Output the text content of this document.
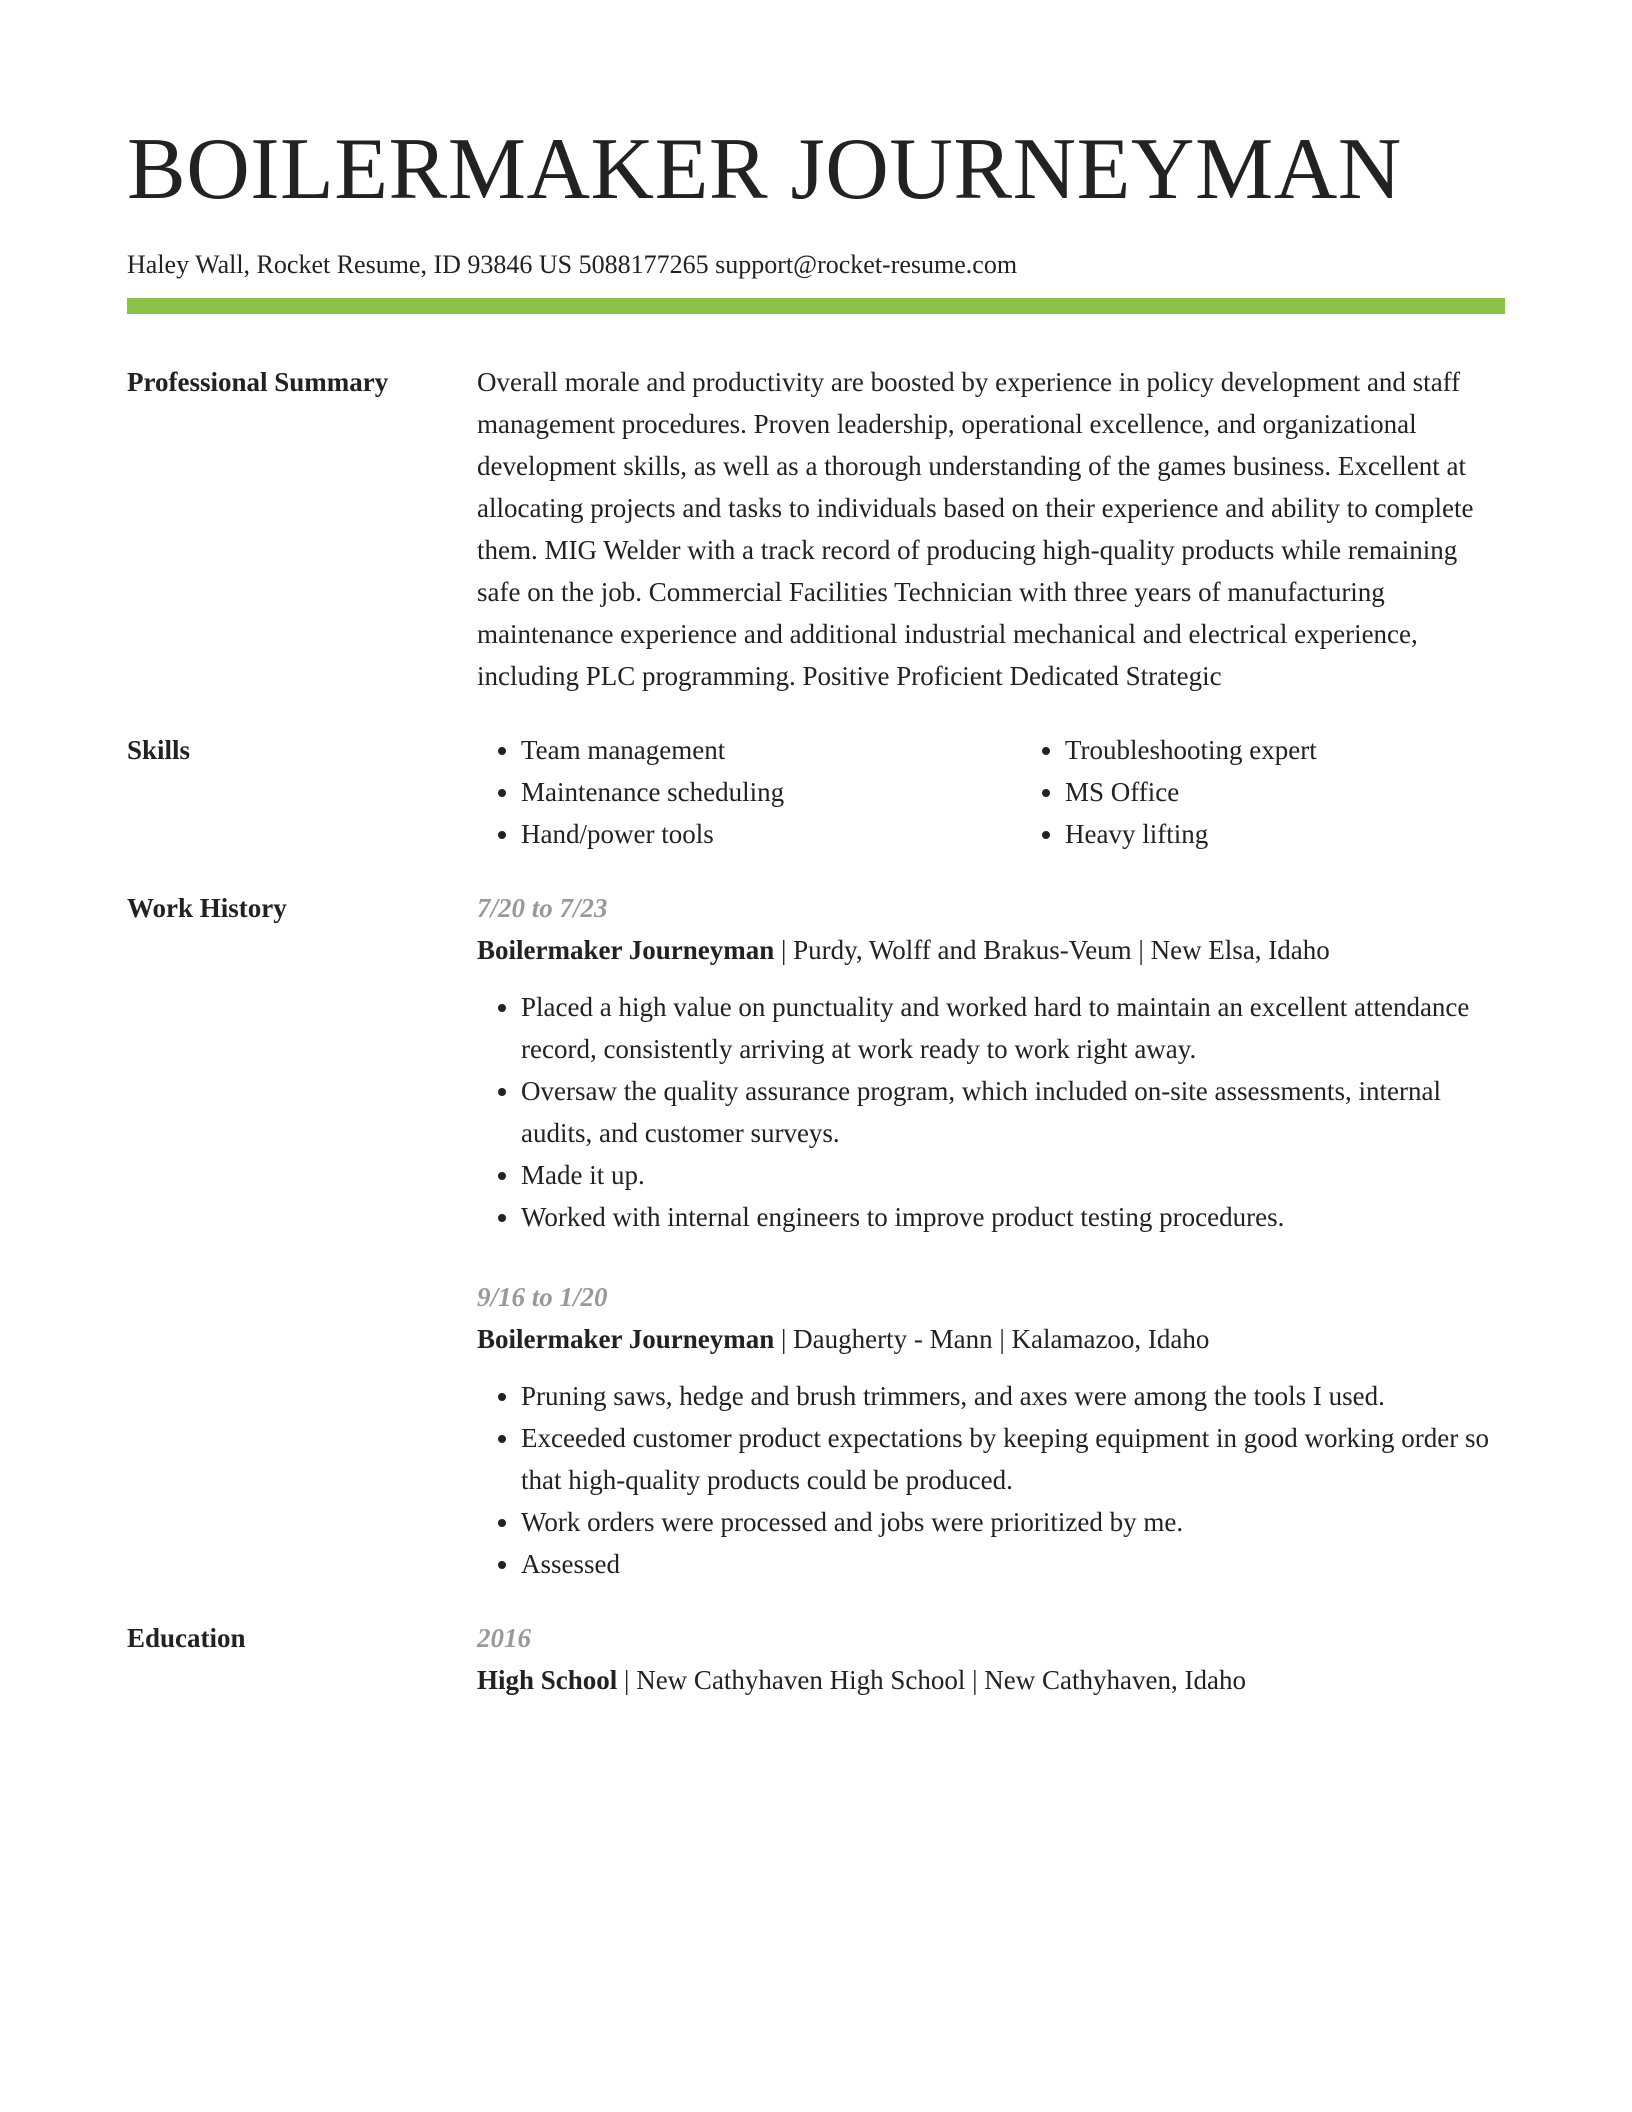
BOILERMAKER JOURNEYMAN
Haley Wall, Rocket Resume, ID 93846 US 5088177265 support@rocket-resume.com
Professional Summary	Overall morale and productivity are boosted by experience in policy development and staff management procedures. Proven leadership, operational excellence, and organizational development skills, as well as a thorough understanding of the games business. Excellent at allocating projects and tasks to individuals based on their experience and ability to complete them. MIG Welder with a track record of producing high-quality products while remaining safe on the job. Commercial Facilities Technician with three years of manufacturing maintenance experience and additional industrial mechanical and electrical experience, including PLC programming. Positive Proficient Dedicated Strategic
Skills
•	Team management
• Maintenance scheduling
• Hand/power tools
• Troubleshooting expert
• MS Office
• Heavy lifting
Work History	7/20 to 7/23
Boilermaker Journeyman | Purdy, Wolff and Brakus-Veum | New Elsa, Idaho
• Placed a high value on punctuality and worked hard to maintain an excellent attendance record, consistently arriving at work ready to work right away.
• Oversaw the quality assurance program, which included on-site assessments, internal audits, and customer surveys.
• Made it up.
• Worked with internal engineers to improve product testing procedures.
9/16 to 1/20
Boilermaker Journeyman | Daugherty - Mann | Kalamazoo, Idaho
• Pruning saws, hedge and brush trimmers, and axes were among the tools I used.
• Exceeded customer product expectations by keeping equipment in good working order so that high-quality products could be produced.
• Work orders were processed and jobs were prioritized by me.
• Assessed
Education	2016
High School | New Cathyhaven High School | New Cathyhaven, Idaho
